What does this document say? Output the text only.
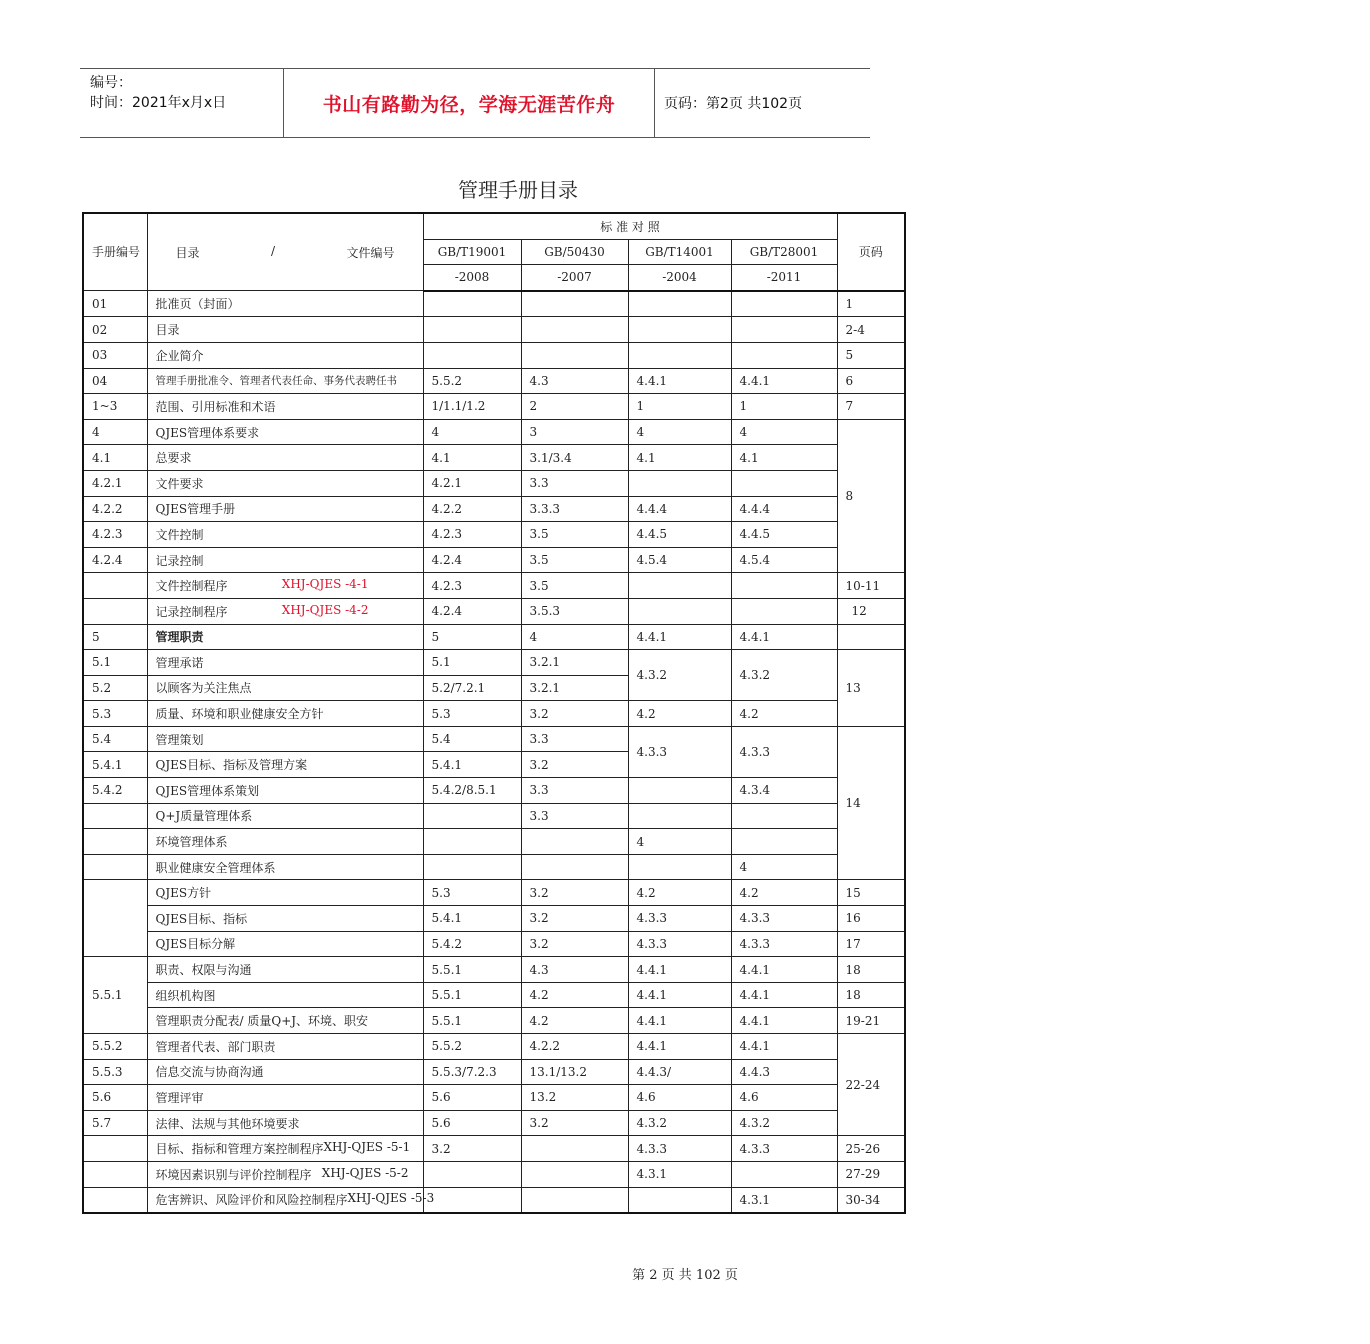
编号：
时间：2021年x月x日	书山有路勤为径，学海无涯苦作舟	页码：第2页 共102页
管理手册目录
手册编号	目录 / 文件编号	标 准 对 照				页码
		GB/T19001	GB/50430	GB/T14001	GB/T28001	
		-2008	-2007	-2004	-2011	
01	批准页（封面）					1
02	目录					2-4
03	企业简介					5
04	管理手册批准令、管理者代表任命、事务代表聘任书	5.5.2	4.3	4.4.1	4.4.1	6
1~3	范围、引用标准和术语	1/1.1/1.2	2	1	1	7
4	QJES管理体系要求	4	3	4	4	8
4.1	总要求	4.1	3.1/3.4	4.1	4.1	
4.2.1	文件要求	4.2.1	3.3			
4.2.2	QJES管理手册	4.2.2	3.3.3	4.4.4	4.4.4	
4.2.3	文件控制	4.2.3	3.5	4.4.5	4.4.5	
4.2.4	记录控制	4.2.4	3.5	4.5.4	4.5.4	

	文件控制程序 XHJ-QJES -4-1	4.2.3	3.5			10-11

	记录控制程序 XHJ-QJES -4-2	4.2.4	3.5.3			12
5	管理职责	5	4	4.4.1	4.4.1	
5.1	管理承诺	5.1	3.2.1	4.3.2	4.3.2	13
5.2	以顾客为关注焦点	5.2/7.2.1	3.2.1			
5.3	质量、环境和职业健康安全方针	5.3	3.2	4.2	4.2	
5.4	管理策划	5.4	3.3	4.3.3	4.3.3	14
5.4.1	QJES目标、指标及管理方案	5.4.1	3.2			
5.4.2	QJES管理体系策划	5.4.2/8.5.1	3.3		4.3.4	

	Q+J质量管理体系		3.3			

	环境管理体系			4		

	职业健康安全管理体系				4	

	QJES方针	5.3	3.2	4.2	4.2	15

	QJES目标、指标	5.4.1	3.2	4.3.3	4.3.3	16

	QJES目标分解	5.4.2	3.2	4.3.3	4.3.3	17
5.5.1	职责、权限与沟通	5.5.1	4.3	4.4.1	4.4.1	18

	组织机构图	5.5.1	4.2	4.4.1	4.4.1	18

	管理职责分配表/ 质量Q+J、环境、职安	5.5.1	4.2	4.4.1	4.4.1	19-21
5.5.2	管理者代表、部门职责	5.5.2	4.2.2	4.4.1	4.4.1	22-24
5.5.3	信息交流与协商沟通	5.5.3/7.2.3	13.1/13.2	4.4.3/	4.4.3	
5.6	管理评审	5.6	13.2	4.6	4.6	
5.7	法律、法规与其他环境要求	5.6	3.2	4.3.2	4.3.2	

	目标、指标和管理方案控制程序 XHJ-QJES -5-1	3.2		4.3.3	4.3.3	25-26

	环境因素识别与评价控制程序 XHJ-QJES -5-2			4.3.1		27-29

	危害辨识、风险评价和风险控制程序 XHJ-QJES -5-3				4.3.1	30-34
第 2 页 共 102 页
